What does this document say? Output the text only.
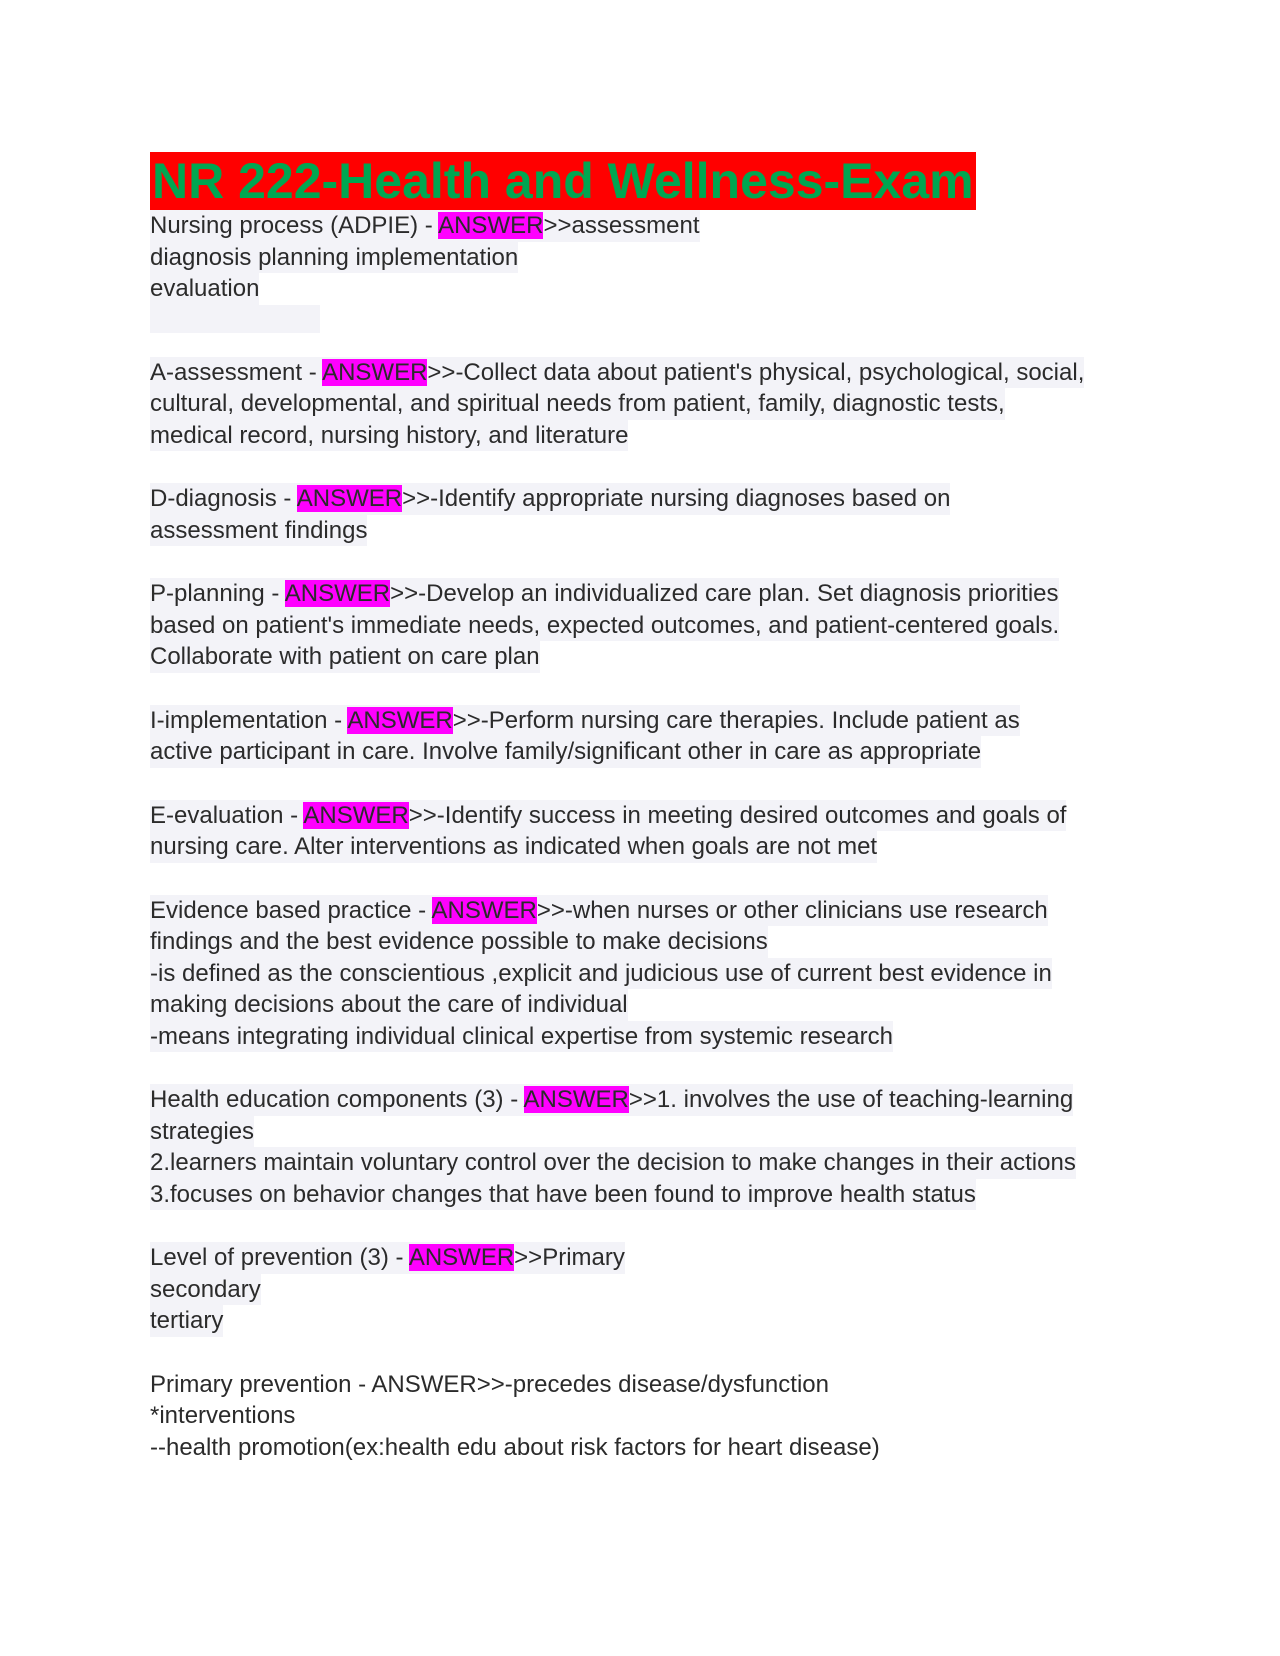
NR 222-Health and Wellness-Exam
Nursing process (ADPIE) - ANSWER>>assessment
diagnosis planning implementation
evaluation
A-assessment - ANSWER>>-Collect data about patient's physical, psychological, social,
cultural, developmental, and spiritual needs from patient, family, diagnostic tests,
medical record, nursing history, and literature
D-diagnosis - ANSWER>>-Identify appropriate nursing diagnoses based on
assessment findings
P-planning - ANSWER>>-Develop an individualized care plan. Set diagnosis priorities
based on patient's immediate needs, expected outcomes, and patient-centered goals.
Collaborate with patient on care plan
I-implementation - ANSWER>>-Perform nursing care therapies. Include patient as
active participant in care. Involve family/significant other in care as appropriate
E-evaluation - ANSWER>>-Identify success in meeting desired outcomes and goals of
nursing care. Alter interventions as indicated when goals are not met
Evidence based practice - ANSWER>>-when nurses or other clinicians use research
findings and the best evidence possible to make decisions
-is defined as the conscientious ,explicit and judicious use of current best evidence in
making decisions about the care of individual
-means integrating individual clinical expertise from systemic research
Health education components (3) - ANSWER>>1. involves the use of teaching-learning
strategies
2.learners maintain voluntary control over the decision to make changes in their actions
3.focuses on behavior changes that have been found to improve health status
Level of prevention (3) - ANSWER>>Primary
secondary
tertiary
Primary prevention - ANSWER>>-precedes disease/dysfunction
*interventions
--health promotion(ex:health edu about risk factors for heart disease)
